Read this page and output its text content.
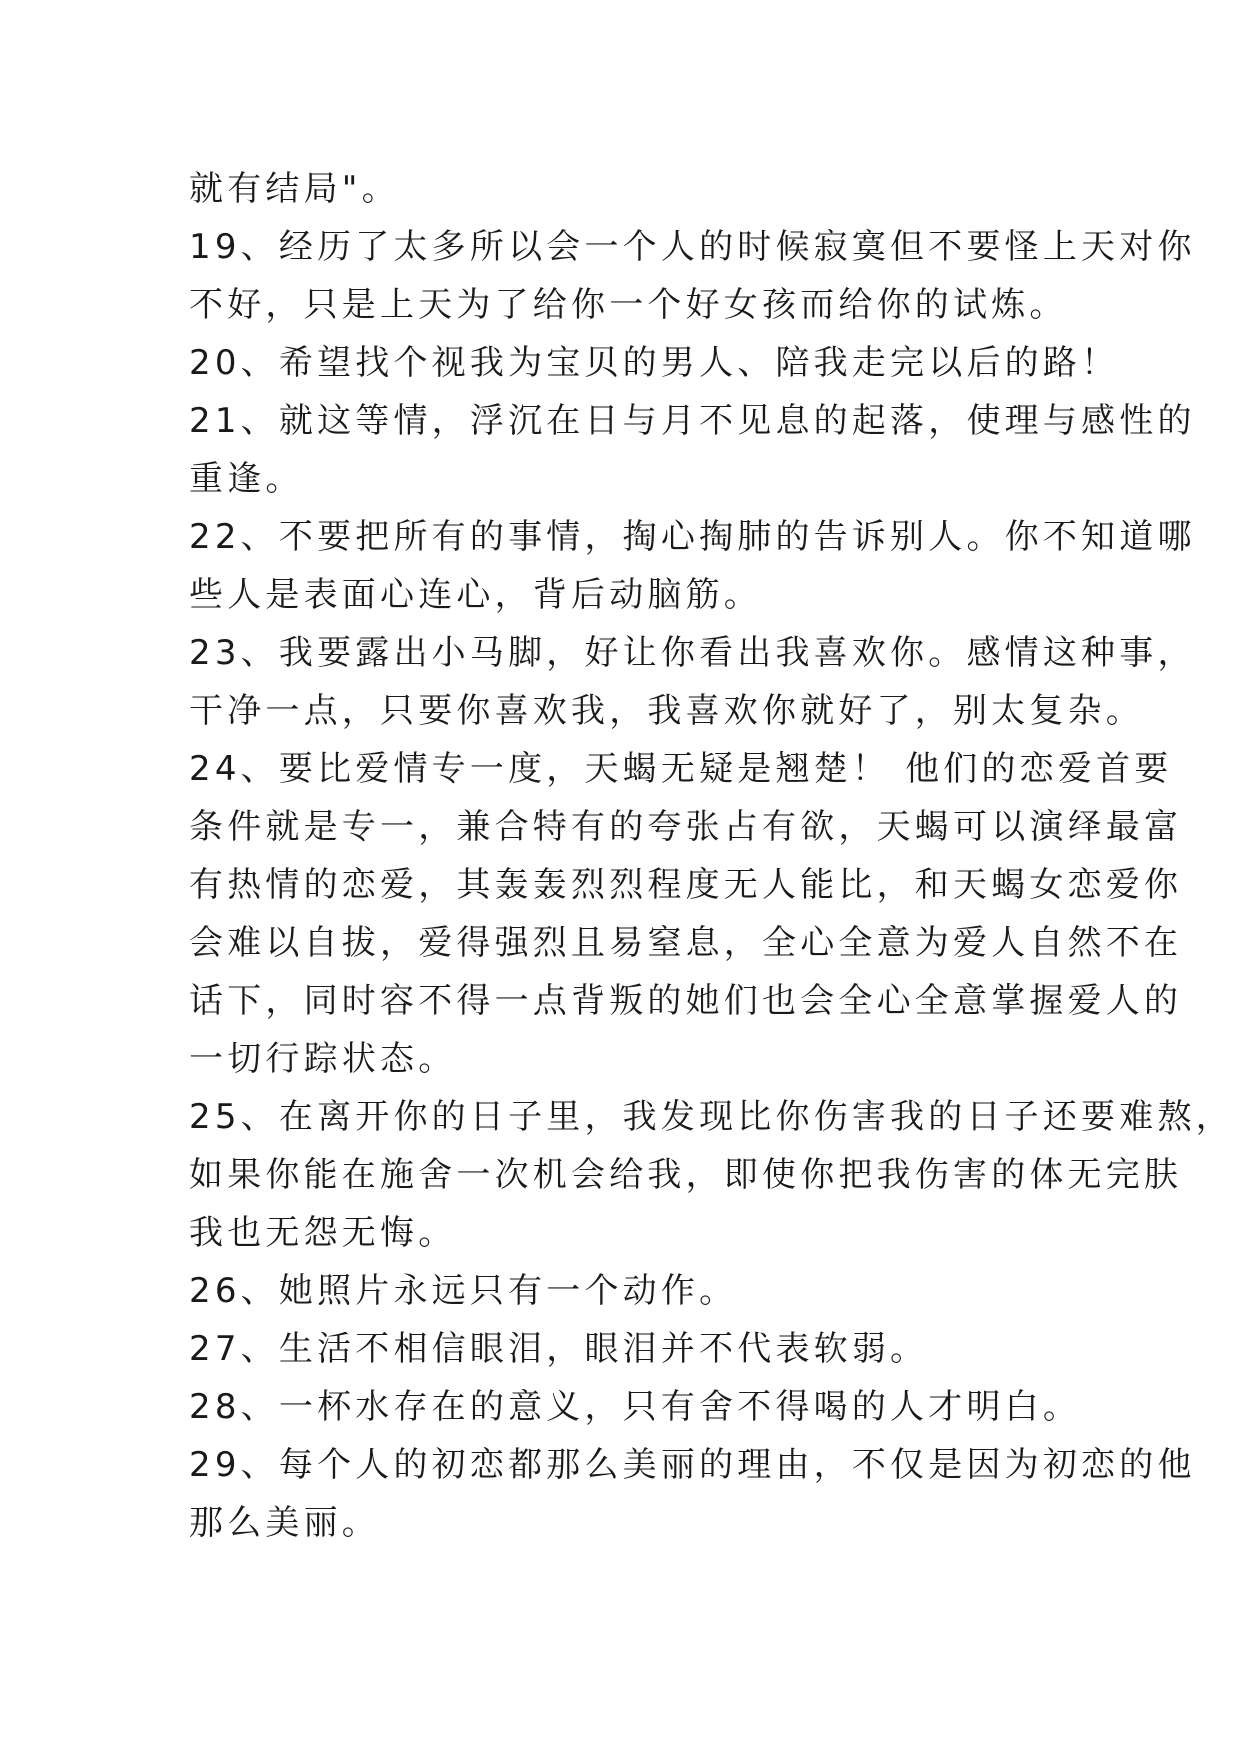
就有结局"。
19、经历了太多所以会一个人的时候寂寞但不要怪上天对你
不好，只是上天为了给你一个好女孩而给你的试炼。
20、希望找个视我为宝贝的男人、陪我走完以后的路！
21、就这等情，浮沉在日与月不见息的起落，使理与感性的
重逢。
22、不要把所有的事情，掏心掏肺的告诉别人。你不知道哪
些人是表面心连心，背后动脑筋。
23、我要露出小马脚，好让你看出我喜欢你。感情这种事，
干净一点，只要你喜欢我，我喜欢你就好了，别太复杂。
24、要比爱情专一度，天蝎无疑是翘楚！ 他们的恋爱首要
条件就是专一，兼合特有的夸张占有欲，天蝎可以演绎最富
有热情的恋爱，其轰轰烈烈程度无人能比，和天蝎女恋爱你
会难以自拔，爱得强烈且易窒息，全心全意为爱人自然不在
话下，同时容不得一点背叛的她们也会全心全意掌握爱人的
一切行踪状态。
25、在离开你的日子里，我发现比你伤害我的日子还要难熬，
如果你能在施舍一次机会给我，即使你把我伤害的体无完肤
我也无怨无悔。
26、她照片永远只有一个动作。
27、生活不相信眼泪，眼泪并不代表软弱。
28、一杯水存在的意义，只有舍不得喝的人才明白。
29、每个人的初恋都那么美丽的理由，不仅是因为初恋的他
那么美丽。
